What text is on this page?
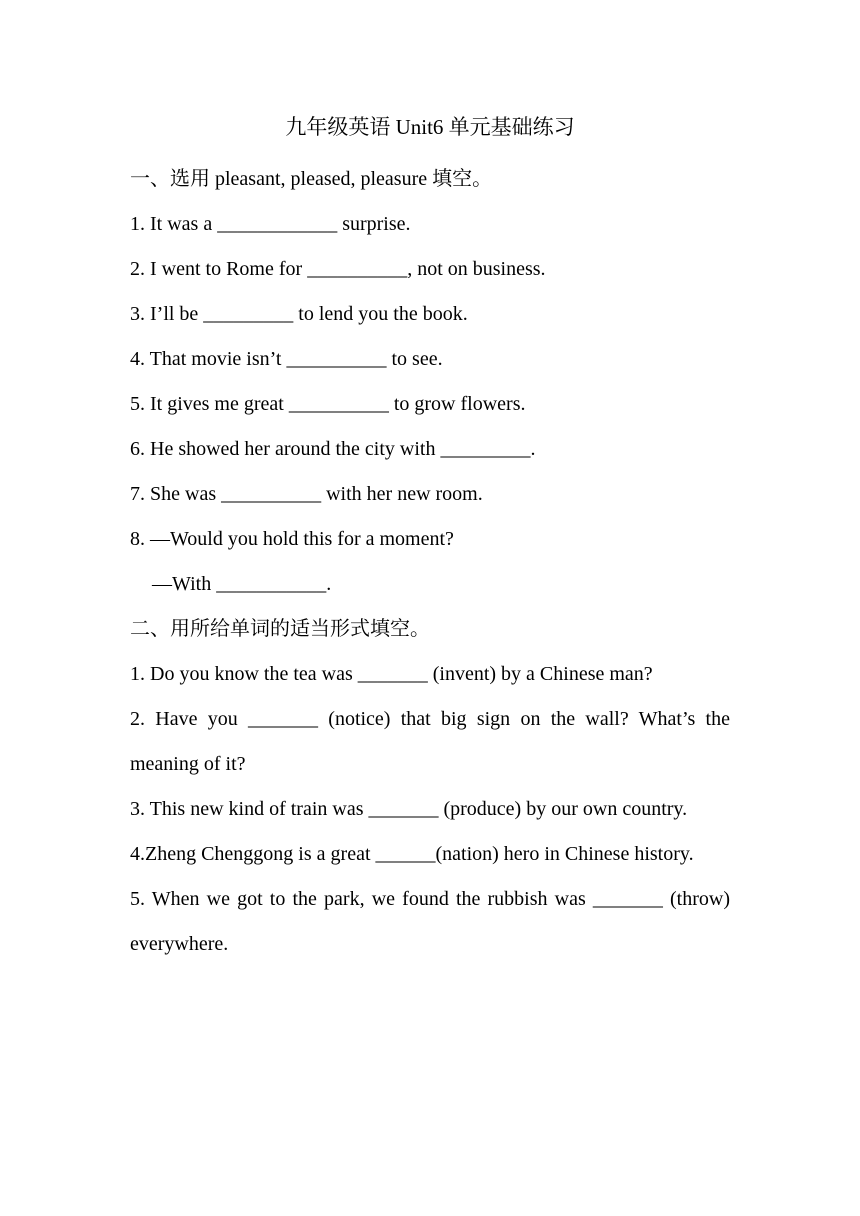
九年级英语 Unit6 单元基础练习
一、选用 pleasant, pleased, pleasure 填空。
1. It was a ____________ surprise.
2. I went to Rome for __________, not on business.
3. I’ll be _________ to lend you the book.
4. That movie isn’t __________ to see.
5. It gives me great __________ to grow flowers.
6. He showed her around the city with _________.
7. She was __________ with her new room.
8. —Would you hold this for a moment?
—With ___________.
二、用所给单词的适当形式填空。
1. Do you know the tea was _______ (invent) by a Chinese man?
2. Have you _______ (notice) that big sign on the wall? What’s the meaning of it?
3. This new kind of train was _______ (produce) by our own country.
4.Zheng Chenggong is a great ______(nation) hero in Chinese history.
5. When we got to the park, we found the rubbish was _______ (throw) everywhere.
